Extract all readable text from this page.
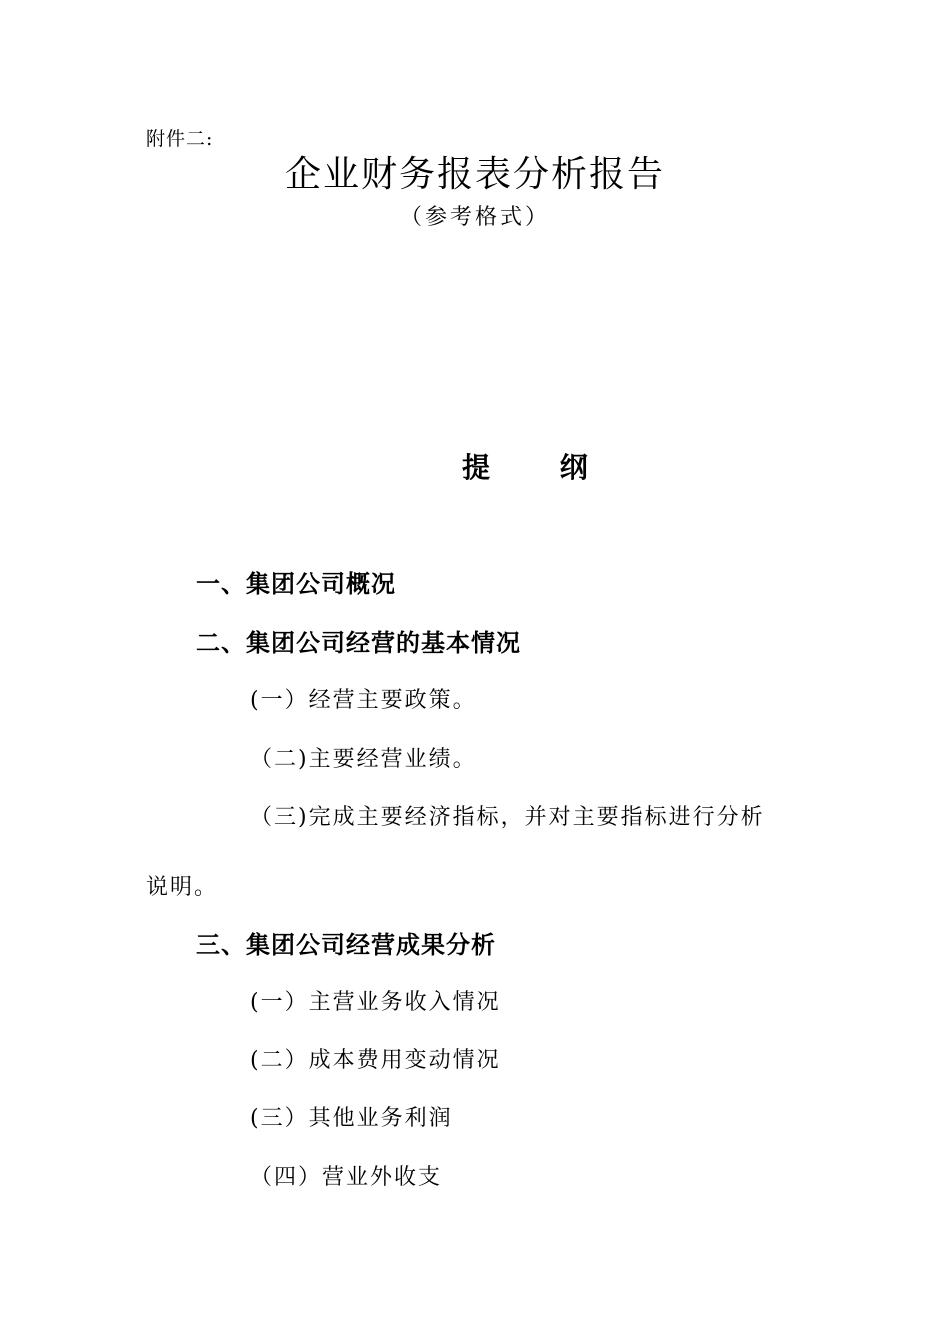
附件二:
企业财务报表分析报告
（参考格式）
提 纲
一、集团公司概况
二、集团公司经营的基本情况
(一）经营主要政策。
（二)主要经营业绩。
（三)完成主要经济指标，并对主要指标进行分析
说明。
三、集团公司经营成果分析
(一）主营业务收入情况
(二）成本费用变动情况
(三）其他业务利润
（四）营业外收支
